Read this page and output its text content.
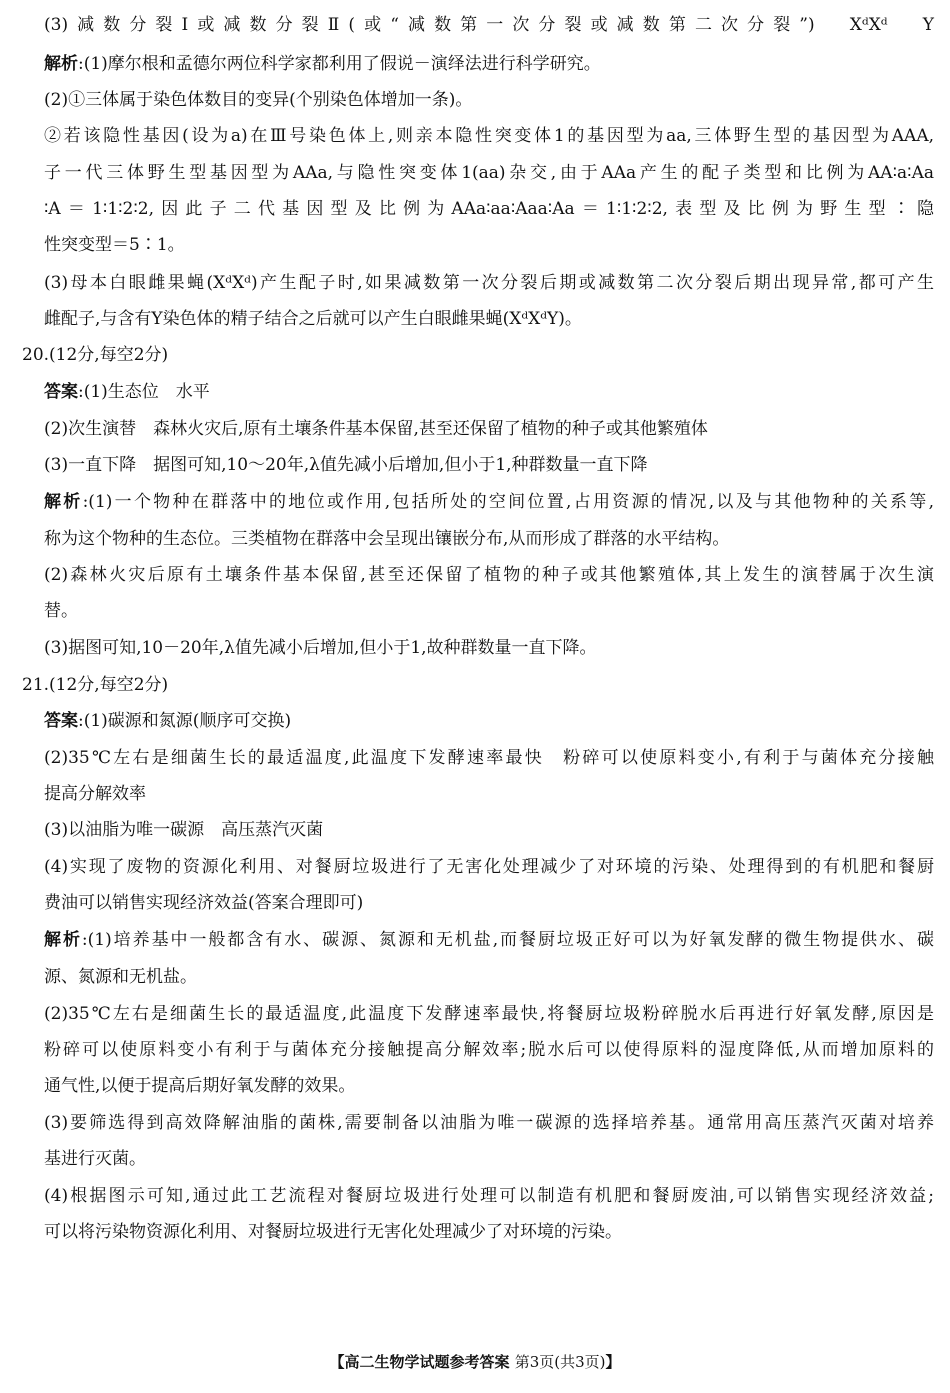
(3)减数分裂Ⅰ或减数分裂Ⅱ(或“减数第一次分裂或减数第二次分裂”)　XᵈXᵈ　Y
解析:(1)摩尔根和孟德尔两位科学家都利用了假说－演绎法进行科学研究。
(2)①三体属于染色体数目的变异(个别染色体增加一条)。
②若该隐性基因(设为a)在Ⅲ号染色体上,则亲本隐性突变体1的基因型为aa,三体野生型的基因型为AAA,
子一代三体野生型基因型为AAa,与隐性突变体1(aa)杂交,由于AAa产生的配子类型和比例为AA∶a∶Aa
∶A＝1∶1∶2∶2,因此子二代基因型及比例为AAa∶aa∶Aaa∶Aa＝1∶1∶2∶2,表型及比例为野生型∶隐
性突变型＝5∶1。
(3)母本白眼雌果蝇(XᵈXᵈ)产生配子时,如果减数第一次分裂后期或减数第二次分裂后期出现异常,都可产生
雌配子,与含有Y染色体的精子结合之后就可以产生白眼雌果蝇(XᵈXᵈY)。
20.(12分,每空2分)
答案:(1)生态位　水平
(2)次生演替　森林火灾后,原有土壤条件基本保留,甚至还保留了植物的种子或其他繁殖体
(3)一直下降　据图可知,10～20年,λ值先减小后增加,但小于1,种群数量一直下降
解析:(1)一个物种在群落中的地位或作用,包括所处的空间位置,占用资源的情况,以及与其他物种的关系等,
称为这个物种的生态位。三类植物在群落中会呈现出镶嵌分布,从而形成了群落的水平结构。
(2)森林火灾后原有土壤条件基本保留,甚至还保留了植物的种子或其他繁殖体,其上发生的演替属于次生演
替。
(3)据图可知,10－20年,λ值先减小后增加,但小于1,故种群数量一直下降。
21.(12分,每空2分)
答案:(1)碳源和氮源(顺序可交换)
(2)35℃左右是细菌生长的最适温度,此温度下发酵速率最快　粉碎可以使原料变小,有利于与菌体充分接触
提高分解效率
(3)以油脂为唯一碳源　高压蒸汽灭菌
(4)实现了废物的资源化利用、对餐厨垃圾进行了无害化处理减少了对环境的污染、处理得到的有机肥和餐厨
费油可以销售实现经济效益(答案合理即可)
解析:(1)培养基中一般都含有水、碳源、氮源和无机盐,而餐厨垃圾正好可以为好氧发酵的微生物提供水、碳
源、氮源和无机盐。
(2)35℃左右是细菌生长的最适温度,此温度下发酵速率最快,将餐厨垃圾粉碎脱水后再进行好氧发酵,原因是
粉碎可以使原料变小有利于与菌体充分接触提高分解效率;脱水后可以使得原料的湿度降低,从而增加原料的
通气性,以便于提高后期好氧发酵的效果。
(3)要筛选得到高效降解油脂的菌株,需要制备以油脂为唯一碳源的选择培养基。通常用高压蒸汽灭菌对培养
基进行灭菌。
(4)根据图示可知,通过此工艺流程对餐厨垃圾进行处理可以制造有机肥和餐厨废油,可以销售实现经济效益;
可以将污染物资源化利用、对餐厨垃圾进行无害化处理减少了对环境的污染。
【高二生物学试题参考答案 第3页(共3页)】
